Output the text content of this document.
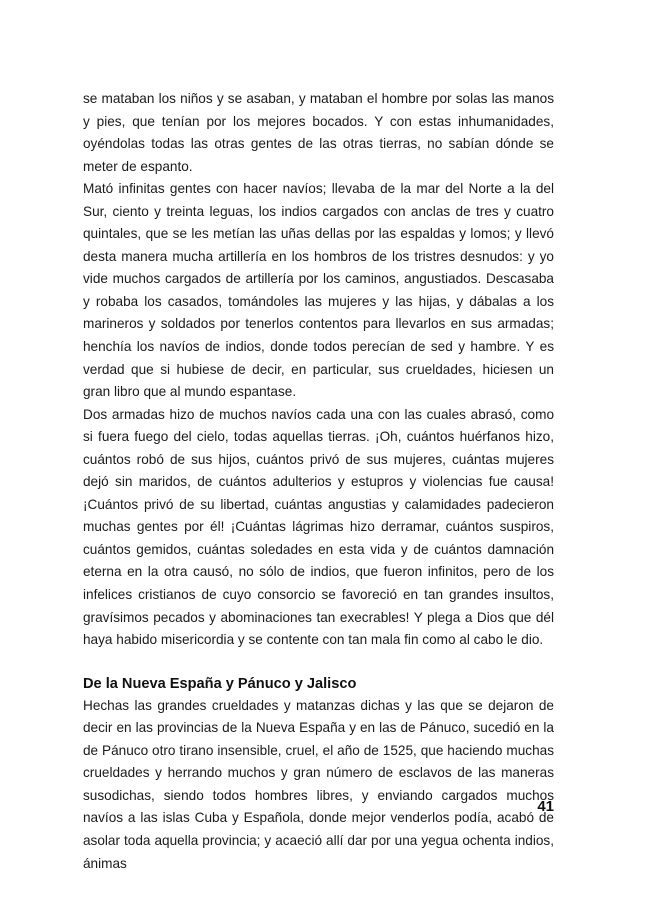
se mataban los niños y se asaban, y mataban el hombre por solas las manos y pies, que tenían por los mejores bocados. Y con estas inhumanidades, oyéndolas todas las otras gentes de las otras tierras, no sabían dónde se meter de espanto.

Mató infinitas gentes con hacer navíos; llevaba de la mar del Norte a la del Sur, ciento y treinta leguas, los indios cargados con anclas de tres y cuatro quintales, que se les metían las uñas dellas por las espaldas y lomos; y llevó desta manera mucha artillería en los hombros de los tristres desnudos: y yo vide muchos cargados de artillería por los caminos, angustiados. Descasaba y robaba los casados, tomándoles las mujeres y las hijas, y dábalas a los marineros y soldados por tenerlos contentos para llevarlos en sus armadas; henchía los navíos de indios, donde todos perecían de sed y hambre. Y es verdad que si hubiese de decir, en particular, sus crueldades, hiciesen un gran libro que al mundo espantase.

Dos armadas hizo de muchos navíos cada una con las cuales abrasó, como si fuera fuego del cielo, todas aquellas tierras. ¡Oh, cuántos huérfanos hizo, cuántos robó de sus hijos, cuántos privó de sus mujeres, cuántas mujeres dejó sin maridos, de cuántos adulterios y estupros y violencias fue causa! ¡Cuántos privó de su libertad, cuántas angustias y calamidades padecieron muchas gentes por él! ¡Cuántas lágrimas hizo derramar, cuántos suspiros, cuántos gemidos, cuántas soledades en esta vida y de cuántos damnación eterna en la otra causó, no sólo de indios, que fueron infinitos, pero de los infelices cristianos de cuyo consorcio se favoreció en tan grandes insultos, gravísimos pecados y abominaciones tan execrables! Y plega a Dios que dél haya habido misericordia y se contente con tan mala fin como al cabo le dio.

De la Nueva España y Pánuco y Jalisco

Hechas las grandes crueldades y matanzas dichas y las que se dejaron de decir en las provincias de la Nueva España y en las de Pánuco, sucedió en la de Pánuco otro tirano insensible, cruel, el año de 1525, que haciendo muchas crueldades y herrando muchos y gran número de esclavos de las maneras susodichas, siendo todos hombres libres, y enviando cargados muchos navíos a las islas Cuba y Española, donde mejor venderlos podía, acabó de asolar toda aquella provincia; y acaeció allí dar por una yegua ochenta indios, ánimas

41
